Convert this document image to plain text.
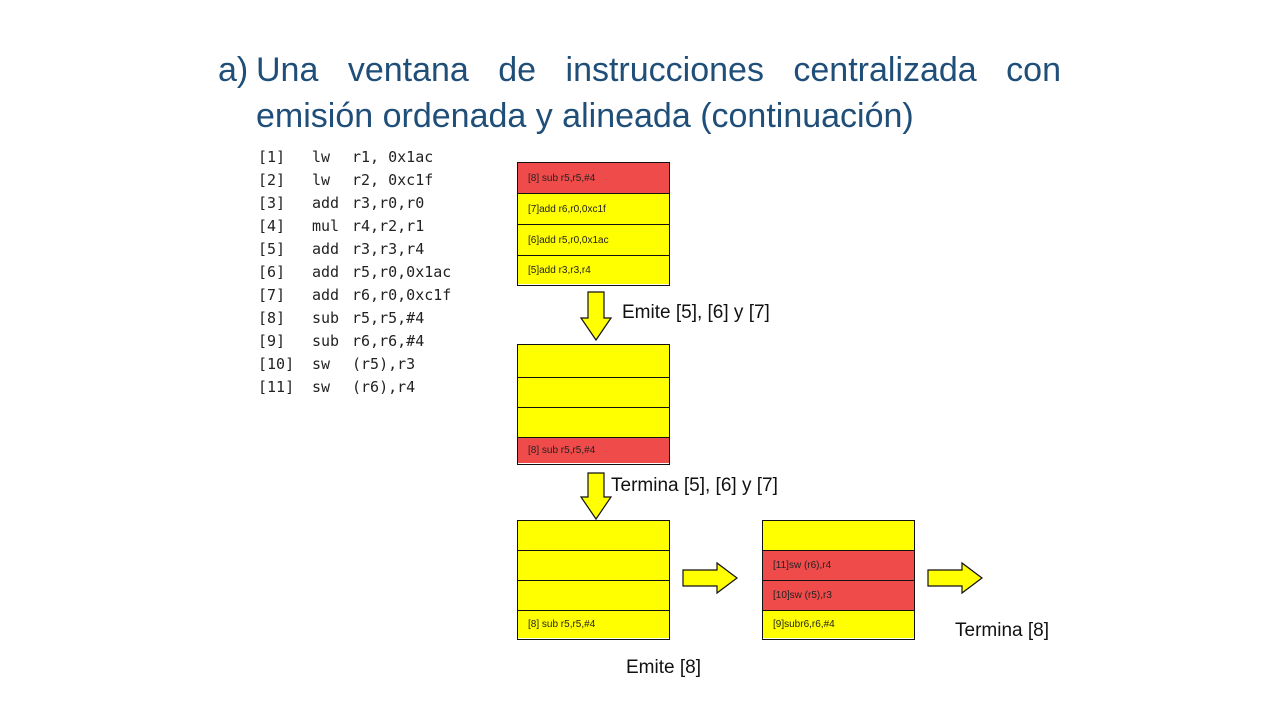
a) Una ventana de instrucciones centralizada con
emisión ordenada y alineada (continuación)
[1] lw r1, 0x1ac
[2] lw r2, 0xc1f
[3] add r3,r0,r0
[4] mul r4,r2,r1
[5] add r3,r3,r4
[6] add r5,r0,0x1ac
[7] add r6,r0,0xc1f
[8] sub r5,r5,#4
[9] sub r6,r6,#4
[10] sw (r5),r3
[11] sw (r6),r4
[8] sub r5,r5,#4
[7]add r6,r0,0xc1f
[6]add r5,r0,0x1ac
[5]add r3,r3,r4
Emite [5], [6] y [7]
[8] sub r5,r5,#4
Termina [5], [6] y [7]
[8] sub r5,r5,#4
Emite [8]
[11]sw (r6),r4
[10]sw (r5),r3
[9]subr6,r6,#4	Termina [8]
